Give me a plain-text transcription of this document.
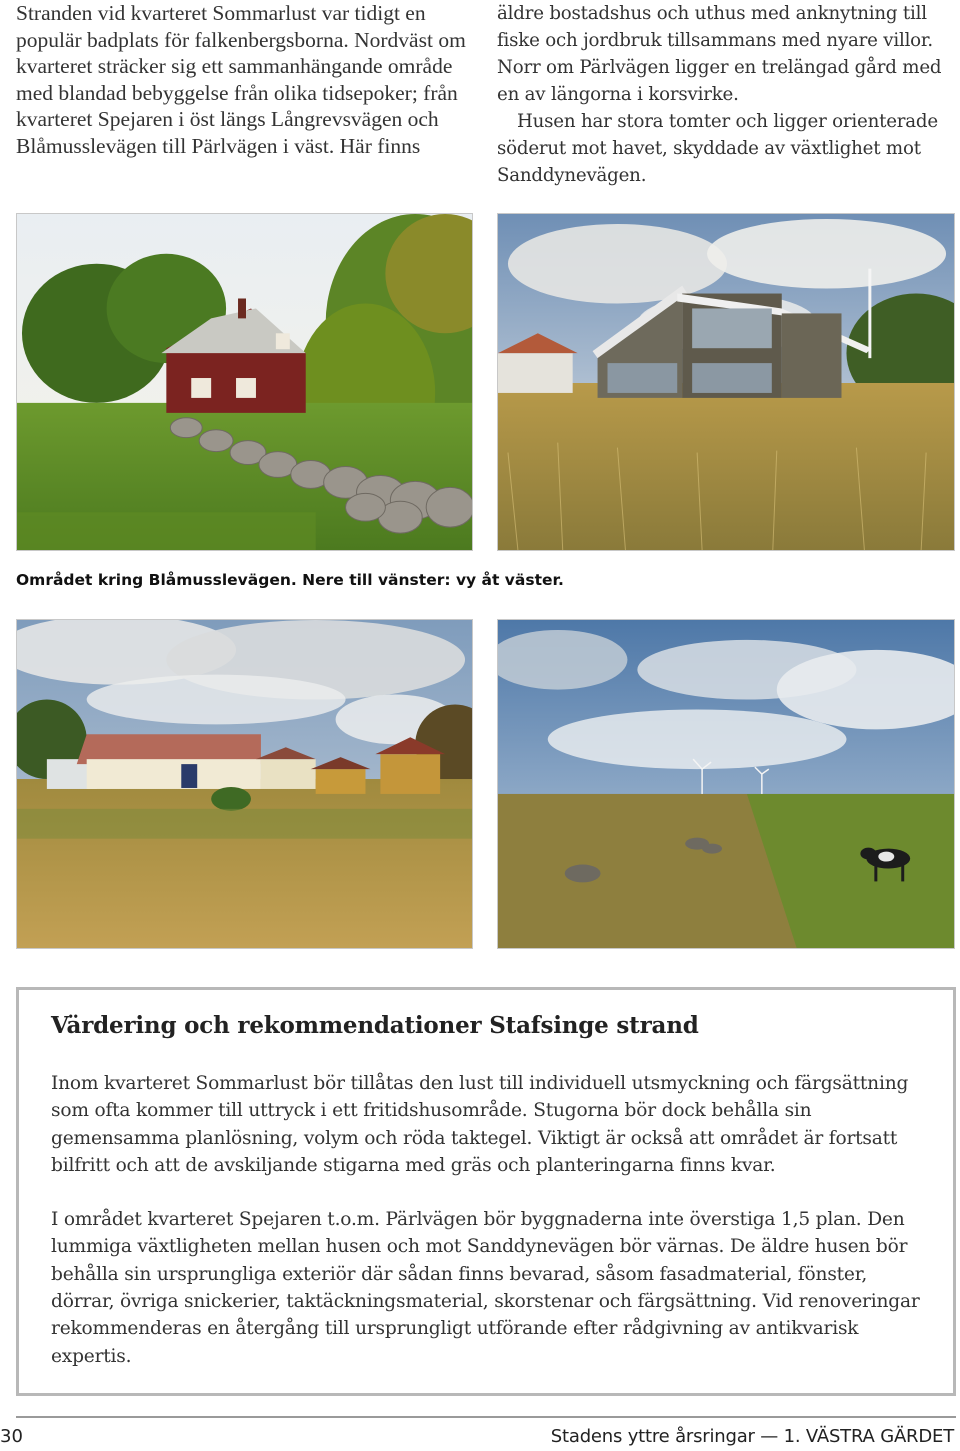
Stranden vid kvarteret Sommarlust var tidigt en populär badplats för falkenbergsborna. Nordväst om kvarteret sträcker sig ett sammanhängande område med blandad bebyggelse från olika tidsepoker; från kvarteret Spejaren i öst längs Långrevsvägen och Blåmusslevägen till Pärlvägen i väst. Här finns

äldre bostadshus och uthus med anknytning till fiske och jordbruk tillsammans med nyare villor. Norr om Pärlvägen ligger en trelängad gård med en av längorna i korsvirke.

Husen har stora tomter och ligger orienterade söderut mot havet, skyddade av växtlighet mot Sanddynevägen.

Området kring Blåmusslevägen. Nere till vänster: vy åt väster.
Värdering och rekommendationer Stafsinge strand

Inom kvarteret Sommarlust bör tillåtas den lust till individuell utsmyckning och färgsättning som ofta kommer till uttryck i ett fritidshusområde. Stugorna bör dock behålla sin gemensamma planlösning, volym och röda taktegel. Viktigt är också att området är fortsatt bilfritt och att de avskiljande stigarna med gräs och planteringarna finns kvar.

I området kvarteret Spejaren t.o.m. Pärlvägen bör byggnaderna inte överstiga 1,5 plan. Den lummiga växtligheten mellan husen och mot Sanddynevägen bör värnas. De äldre husen bör behålla sin ursprungliga exteriör där sådan finns bevarad, såsom fasadmaterial, fönster, dörrar, övriga snickerier, taktäckningsmaterial, skorstenar och färgsättning. Vid renoveringar rekommenderas en återgång till ursprungligt utförande efter rådgivning av antikvarisk expertis.

30	Stadens yttre årsringar — 1. VÄSTRA GÄRDET
